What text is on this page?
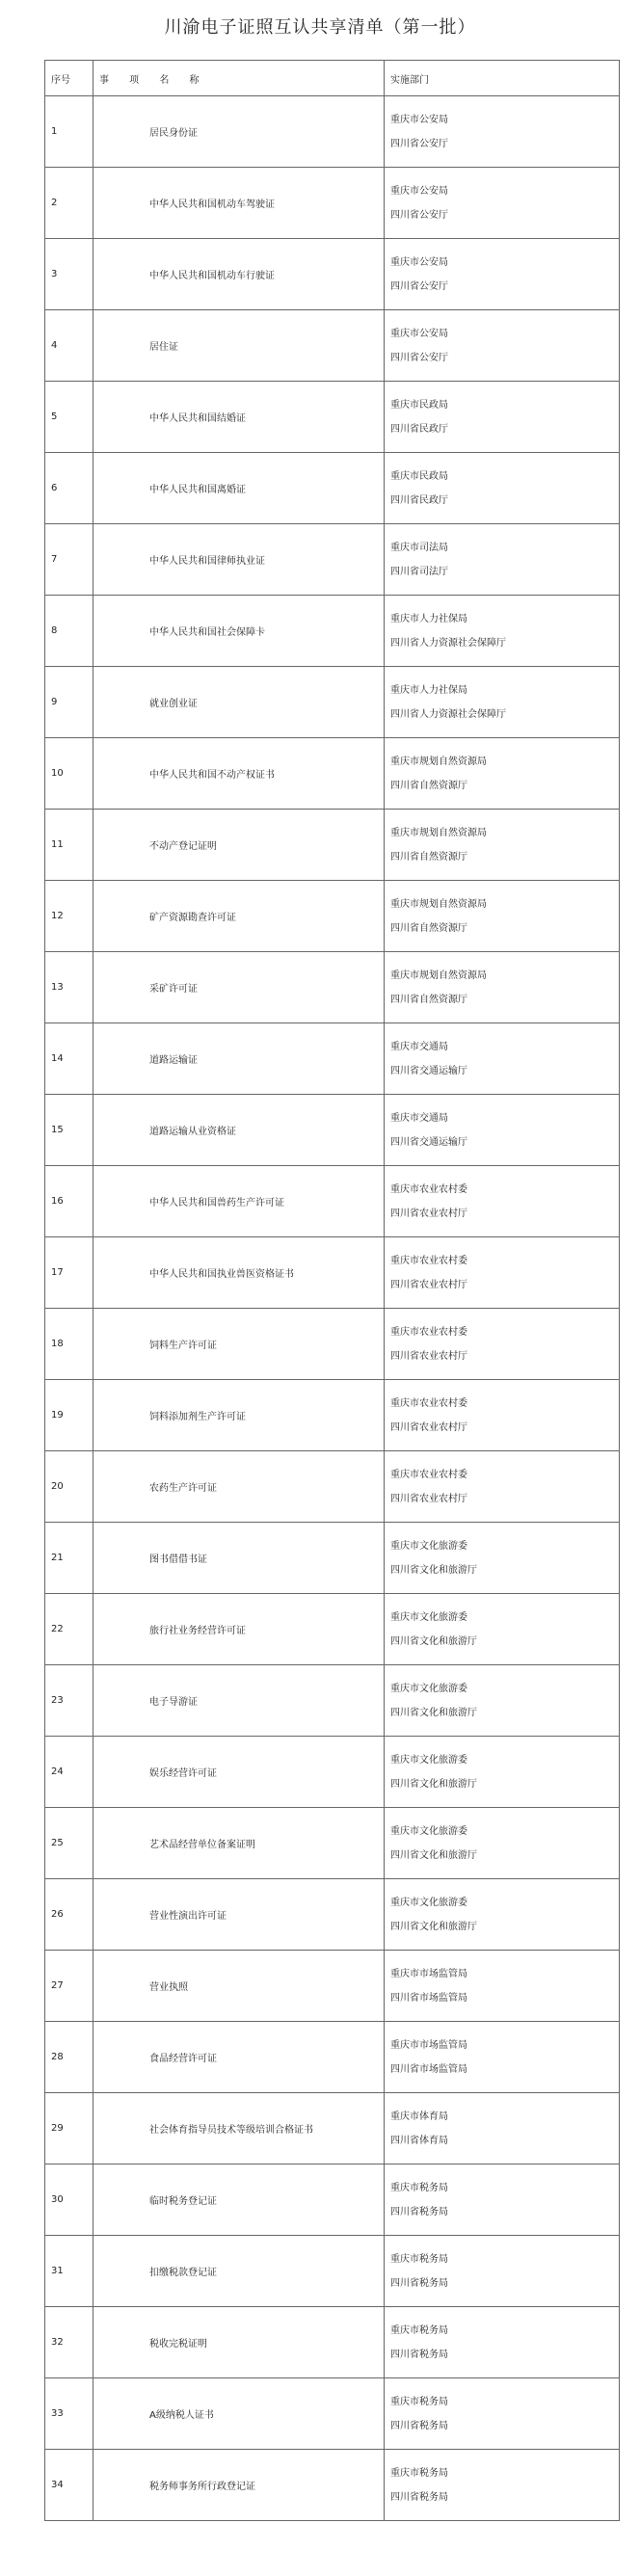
川渝电子证照互认共享清单（第一批）
序号	事 项 名 称	实施部门
1	居民身份证	重庆市公安局
四川省公安厅

2	中华人民共和国机动车驾驶证	重庆市公安局
四川省公安厅

3	中华人民共和国机动车行驶证	重庆市公安局
四川省公安厅

4	居住证	重庆市公安局
四川省公安厅

5	中华人民共和国结婚证	重庆市民政局
四川省民政厅

6	中华人民共和国离婚证	重庆市民政局
四川省民政厅

7	中华人民共和国律师执业证	重庆市司法局
四川省司法厅

8	中华人民共和国社会保障卡	重庆市人力社保局
四川省人力资源社会保障厅

9	就业创业证	重庆市人力社保局
四川省人力资源社会保障厅

10	中华人民共和国不动产权证书	重庆市规划自然资源局
四川省自然资源厅

11	不动产登记证明	重庆市规划自然资源局
四川省自然资源厅

12	矿产资源勘查许可证	重庆市规划自然资源局
四川省自然资源厅

13	采矿许可证	重庆市规划自然资源局
四川省自然资源厅

14	道路运输证	重庆市交通局
四川省交通运输厅

15	道路运输从业资格证	重庆市交通局
四川省交通运输厅

16	中华人民共和国兽药生产许可证	重庆市农业农村委
四川省农业农村厅

17	中华人民共和国执业兽医资格证书	重庆市农业农村委
四川省农业农村厅

18	饲料生产许可证	重庆市农业农村委
四川省农业农村厅

19	饲料添加剂生产许可证	重庆市农业农村委
四川省农业农村厅

20	农药生产许可证	重庆市农业农村委
四川省农业农村厅

21	图书借借书证	重庆市文化旅游委
四川省文化和旅游厅

22	旅行社业务经营许可证	重庆市文化旅游委
四川省文化和旅游厅

23	电子导游证	重庆市文化旅游委
四川省文化和旅游厅

24	娱乐经营许可证	重庆市文化旅游委
四川省文化和旅游厅

25	艺术品经营单位备案证明	重庆市文化旅游委
四川省文化和旅游厅

26	营业性演出许可证	重庆市文化旅游委
四川省文化和旅游厅

27	营业执照	重庆市市场监管局
四川省市场监管局

28	食品经营许可证	重庆市市场监管局
四川省市场监管局

29	社会体育指导员技术等级培训合格证书	重庆市体育局
四川省体育局

30	临时税务登记证	重庆市税务局
四川省税务局

31	扣缴税款登记证	重庆市税务局
四川省税务局

32	税收完税证明	重庆市税务局
四川省税务局

33	A级纳税人证书	重庆市税务局
四川省税务局

34	税务师事务所行政登记证	重庆市税务局
四川省税务局
